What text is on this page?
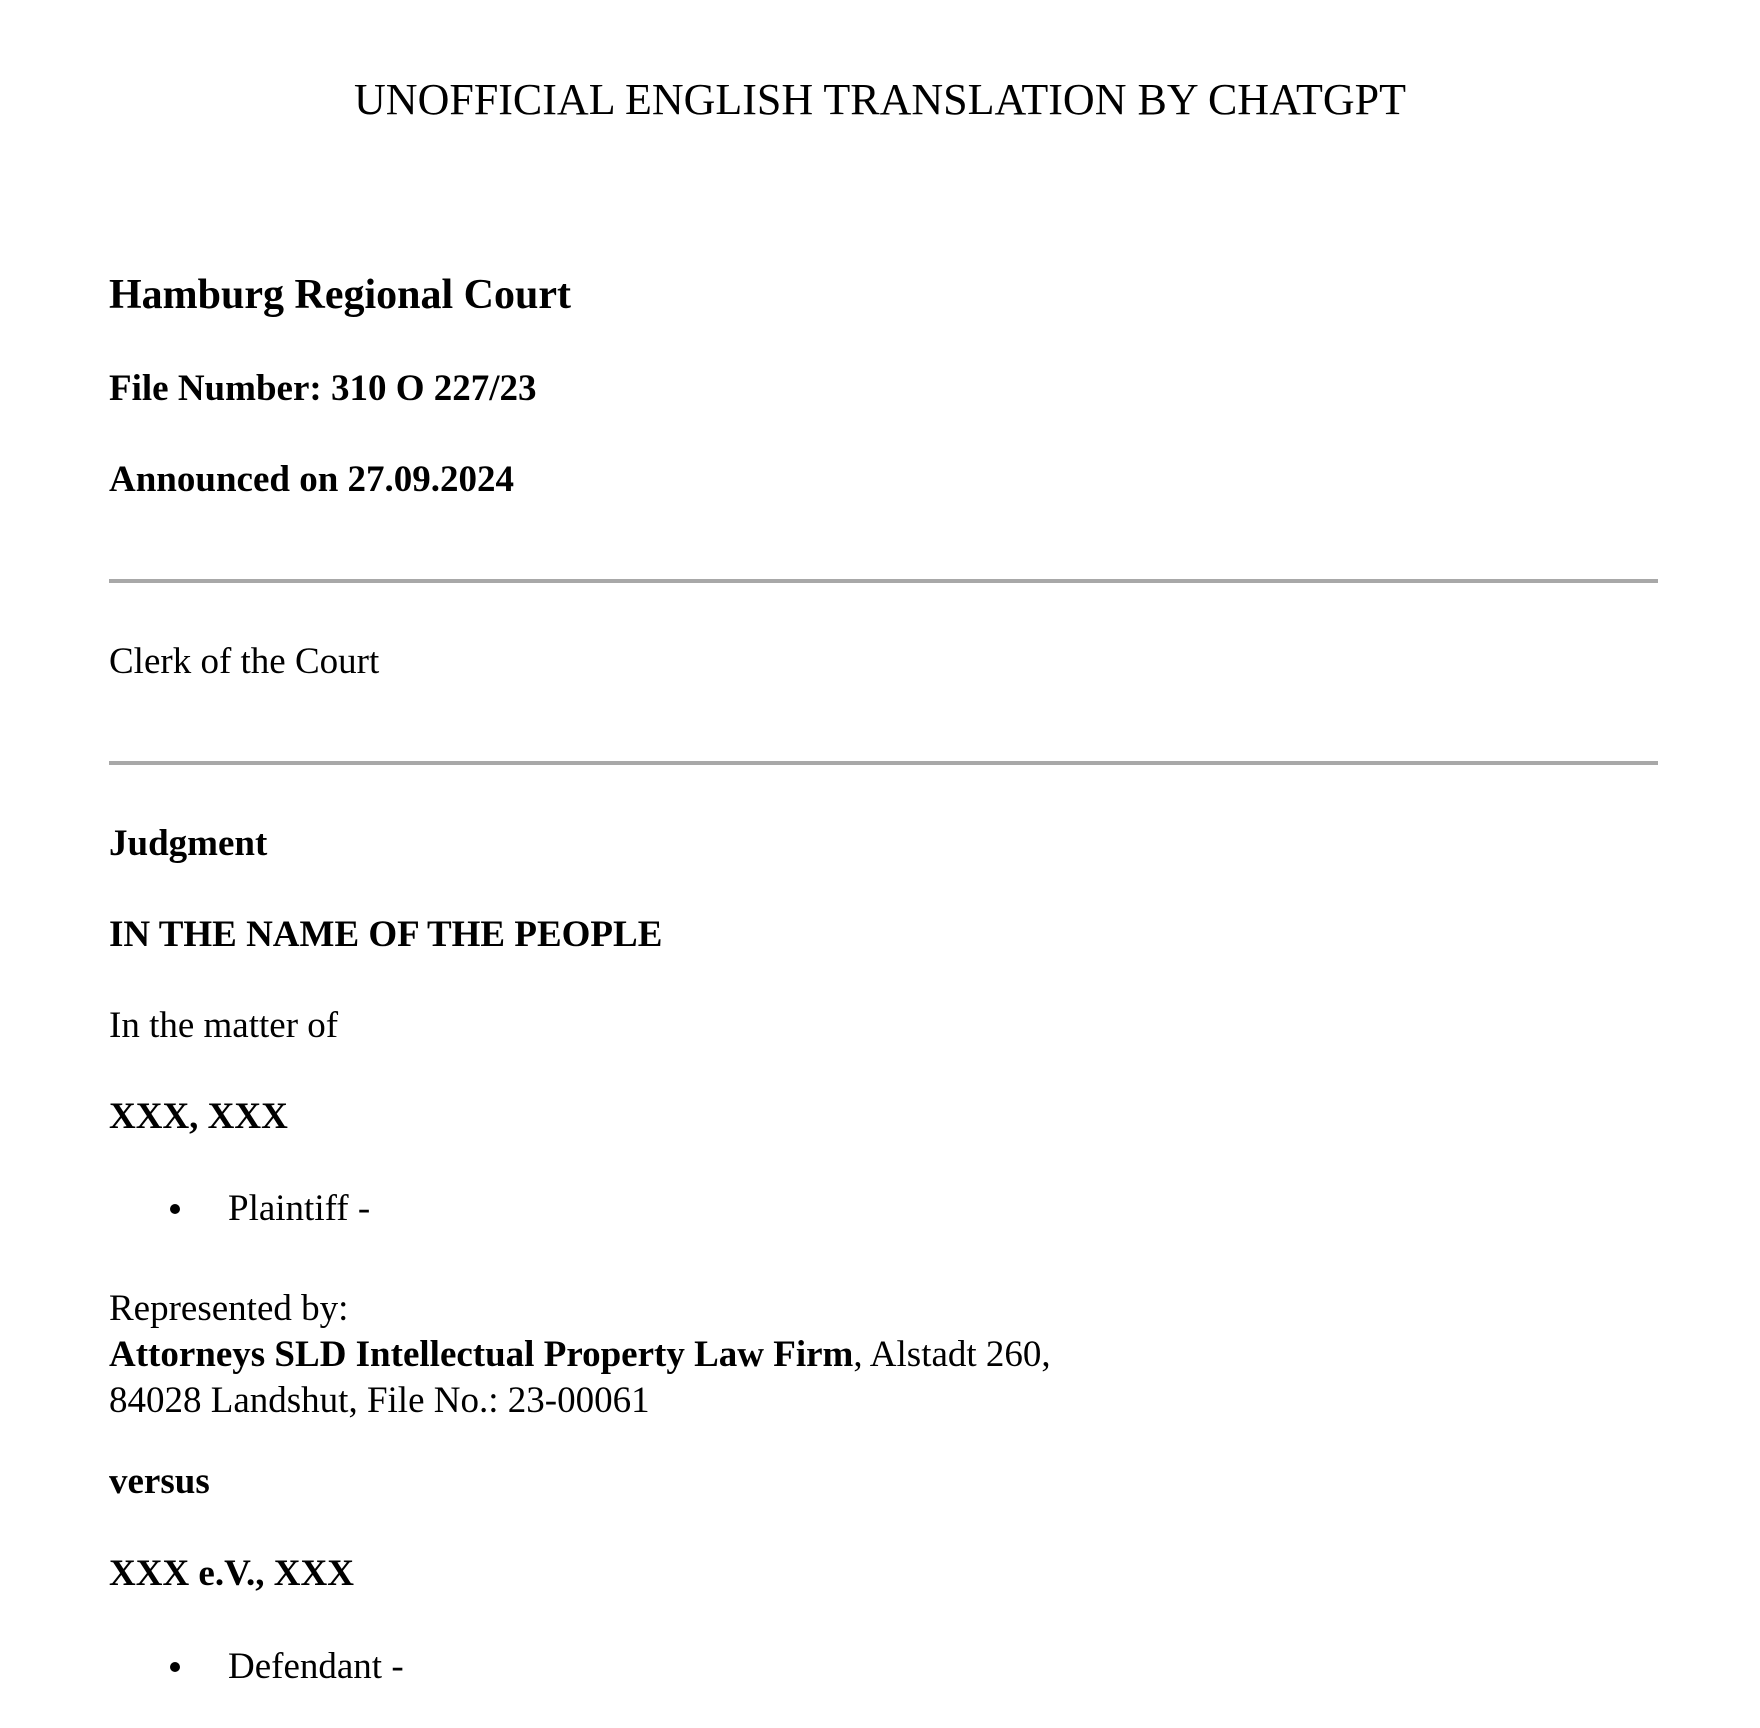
UNOFFICIAL ENGLISH TRANSLATION BY CHATGPT
Hamburg Regional Court
File Number: 310 O 227/23
Announced on 27.09.2024
Clerk of the Court
Judgment
IN THE NAME OF THE PEOPLE
In the matter of
XXX, XXX
Plaintiff -
Represented by:
Attorneys SLD Intellectual Property Law Firm, Alstadt 260,
84028 Landshut, File No.: 23-00061
versus
XXX e.V., XXX
Defendant -
